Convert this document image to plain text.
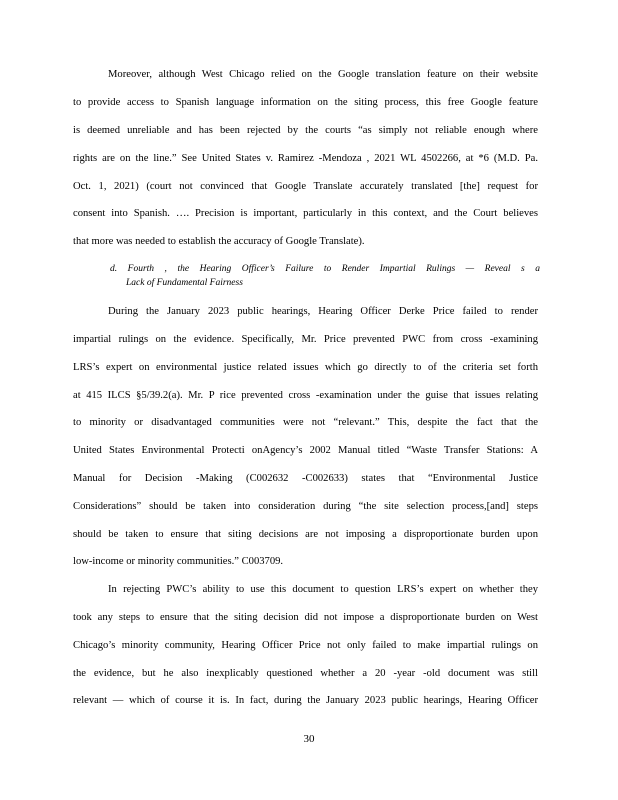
Moreover, although West Chicago relied on the Google translation feature on their website
to provide access to Spanish language information on the siting process, this free Google feature
is deemed unreliable and has been rejected by the courts “as simply not reliable enough where
rights are on the line.” See United States v. Ramirez -Mendoza , 2021 WL 4502266, at *6 (M.D. Pa.
Oct. 1, 2021) (court not convinced that Google Translate accurately translated [the] request for
consent into Spanish. …. Precision is important, particularly in this context, and the Court believes
that more was needed to establish the accuracy of Google Translate).
d. Fourth , the Hearing Officer’s Failure to Render Impartial Rulings — Reveal s a
Lack of Fundamental Fairness
During the January 2023 public hearings, Hearing Officer Derke Price failed to render
impartial rulings on the evidence. Specifically, Mr. Price prevented PWC from cross -examining
LRS’s expert on environmental justice related issues which go directly to of the criteria set forth
at 415 ILCS §5/39.2(a). Mr. P rice prevented cross -examination under the guise that issues relating
to minority or disadvantaged communities were not “relevant.” This, despite the fact that the
United States Environmental Protecti onAgency’s 2002 Manual titled “Waste Transfer Stations: A
Manual for Decision -Making (C002632 -C002633) states that “Environmental Justice
Considerations” should be taken into consideration during “the site selection process,[and] steps
should be taken to ensure that siting decisions are not imposing a disproportionate burden upon
low-income or minority communities.” C003709.
In rejecting PWC’s ability to use this document to question LRS’s expert on whether they
took any steps to ensure that the siting decision did not impose a disproportionate burden on West
Chicago’s minority community, Hearing Officer Price not only failed to make impartial rulings on
the evidence, but he also inexplicably questioned whether a 20 -year -old document was still
relevant — which of course it is. In fact, during the January 2023 public hearings, Hearing Officer
30
